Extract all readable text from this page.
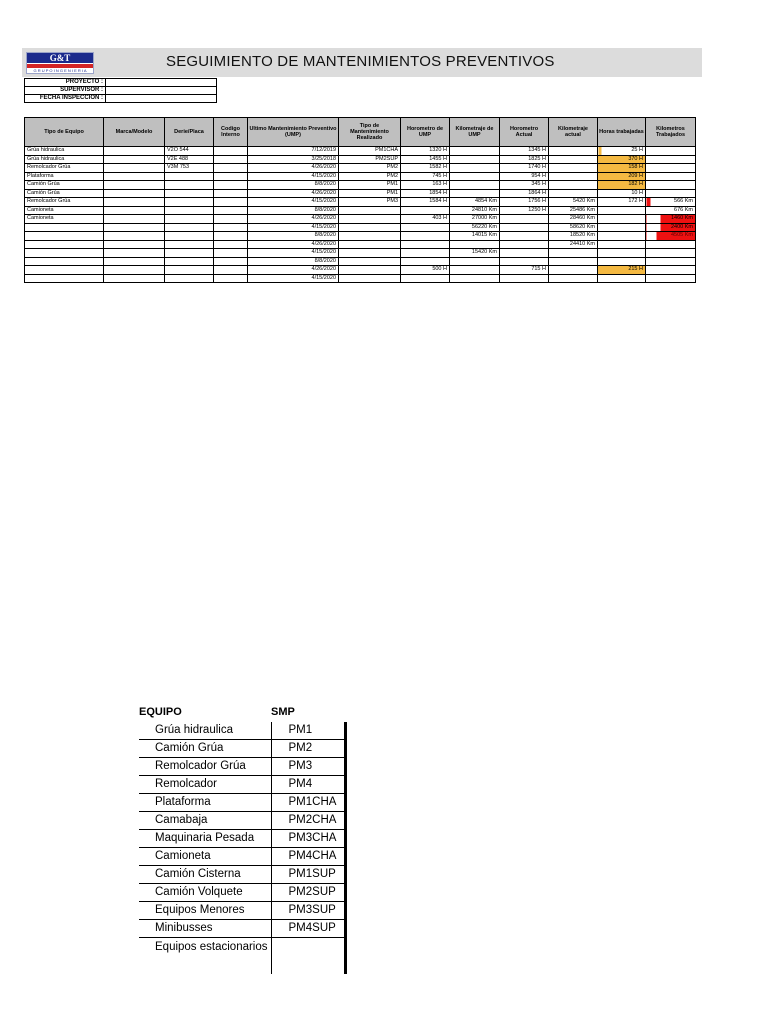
G&T
G R U P O I N G E N I E R I A
SEGUIMIENTO DE MANTENIMIENTOS PREVENTIVOS
PROYECTO :	
SUPERVISOR :	
FECHA INSPECCION :	
Tipo de Equipo	Marca/Modelo	Derie/Placa	Codigo Interno	Ultimo Mantenimiento Preventivo (UMP)	Tipo de Mantenimiento Realizado	Horometro de UMP	Kilometraje de UMP	Horometro Actual	Kilometraje actual	Horas trabajadas	Kilometros Trabajados
Grúa hidraulica		V2O 544		7/12/2019	PM1CHA	1320 H		1345 H		25 H	
Grúa hidraulica		V2E 488		3/25/2018	PM2SUP	1455 H		1825 H		370 H	
Remolcador Grúa		V3M 753		4/26/2020	PM2	1582 H		1740 H		158 H	
Plataforma				4/15/2020	PM2	745 H		954 H		209 H	
Camión Grúa				8/8/2020	PM1	163 H		345 H		182 H	
Camión Grúa				4/26/2020	PM1	1854 H		1864 H		10 H	
Remolcador Grúa				4/15/2020	PM3	1584 H	4854 Km	1756 H	5420 Km	172 H	566 Km
Camioneta				8/8/2020			24810 Km	1250 H	25486 Km		676 Km
Camioneta				4/26/2020		403 H	27000 Km		28460 Km		1460 Km
				4/15/2020			56220 Km		58620 Km		2400 Km
				8/8/2020			14015 Km		18520 Km		4505 Km
				4/26/2020					24410 Km		
				4/15/2020			15420 Km				
				8/8/2020							
				4/26/2020		500 H		715 H		215 H	
				4/15/2020							
EQUIPO	SMP
Grúa hidraulica	PM1
Camión Grúa	PM2
Remolcador Grúa	PM3
Remolcador	PM4
Plataforma	PM1CHA
Camabaja	PM2CHA
Maquinaria Pesada	PM3CHA
Camioneta	PM4CHA
Camión Cisterna	PM1SUP
Camión Volquete	PM2SUP
Equipos Menores	PM3SUP
Minibusses	PM4SUP
Equipos estacionarios	
